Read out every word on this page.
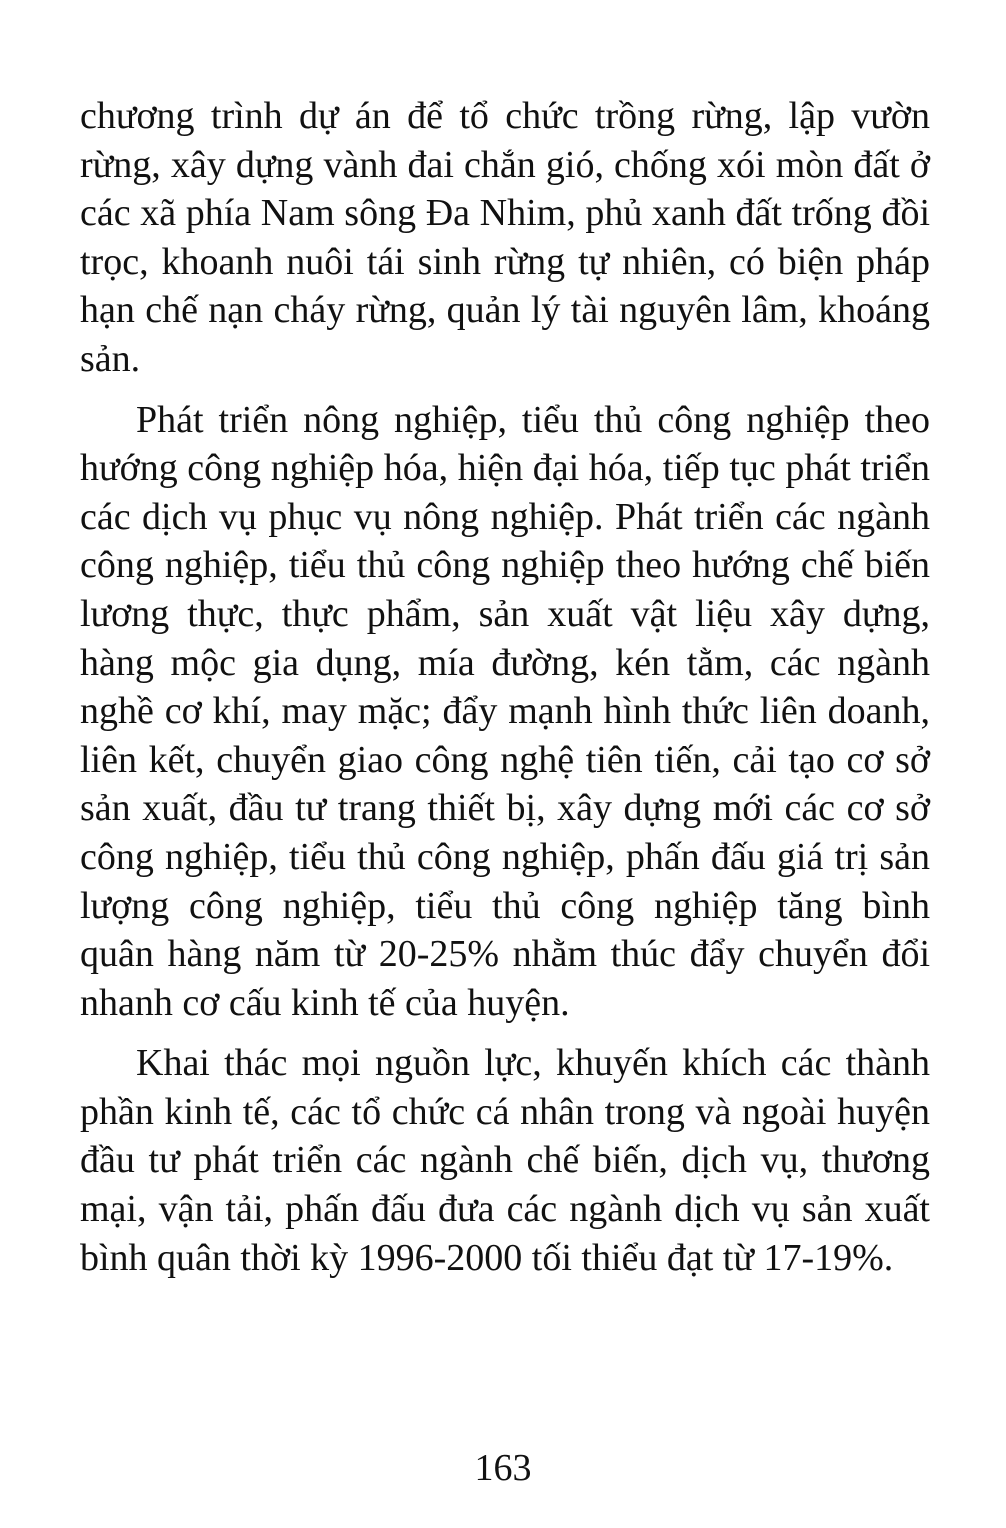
chương trình dự án để tổ chức trồng rừng, lập vườn rừng, xây dựng vành đai chắn gió, chống xói mòn đất ở các xã phía Nam sông Đa Nhim, phủ xanh đất trống đồi trọc, khoanh nuôi tái sinh rừng tự nhiên, có biện pháp hạn chế nạn cháy rừng, quản lý tài nguyên lâm, khoáng sản.

Phát triển nông nghiệp, tiểu thủ công nghiệp theo hướng công nghiệp hóa, hiện đại hóa, tiếp tục phát triển các dịch vụ phục vụ nông nghiệp. Phát triển các ngành công nghiệp, tiểu thủ công nghiệp theo hướng chế biến lương thực, thực phẩm, sản xuất vật liệu xây dựng, hàng mộc gia dụng, mía đường, kén tằm, các ngành nghề cơ khí, may mặc; đẩy mạnh hình thức liên doanh, liên kết, chuyển giao công nghệ tiên tiến, cải tạo cơ sở sản xuất, đầu tư trang thiết bị, xây dựng mới các cơ sở công nghiệp, tiểu thủ công nghiệp, phấn đấu giá trị sản lượng công nghiệp, tiểu thủ công nghiệp tăng bình quân hàng năm từ 20-25% nhằm thúc đẩy chuyển đổi nhanh cơ cấu kinh tế của huyện.

Khai thác mọi nguồn lực, khuyến khích các thành phần kinh tế, các tổ chức cá nhân trong và ngoài huyện đầu tư phát triển các ngành chế biến, dịch vụ, thương mại, vận tải, phấn đấu đưa các ngành dịch vụ sản xuất bình quân thời kỳ 1996-2000 tối thiểu đạt từ 17-19%.

163
